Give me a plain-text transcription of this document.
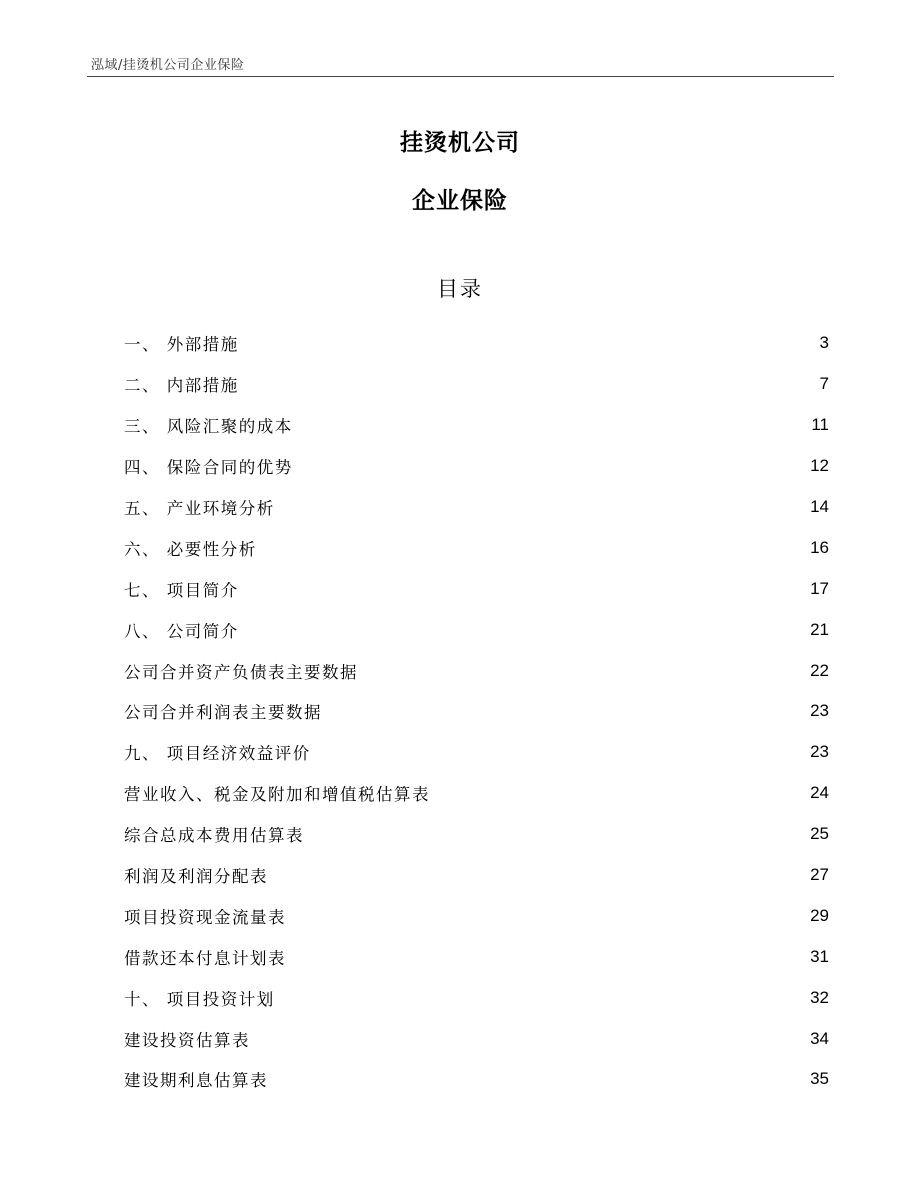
泓域/挂烫机公司企业保险
挂烫机公司
企业保险
目录
一、 外部措施	3
二、 内部措施	7
三、 风险汇聚的成本	11
四、 保险合同的优势	12
五、 产业环境分析	14
六、 必要性分析	16
七、 项目简介	17
八、 公司简介	21
公司合并资产负债表主要数据	22
公司合并利润表主要数据	23
九、 项目经济效益评价	23
营业收入、税金及附加和增值税估算表	24
综合总成本费用估算表	25
利润及利润分配表	27
项目投资现金流量表	29
借款还本付息计划表	31
十、 项目投资计划	32
建设投资估算表	34
建设期利息估算表	35
